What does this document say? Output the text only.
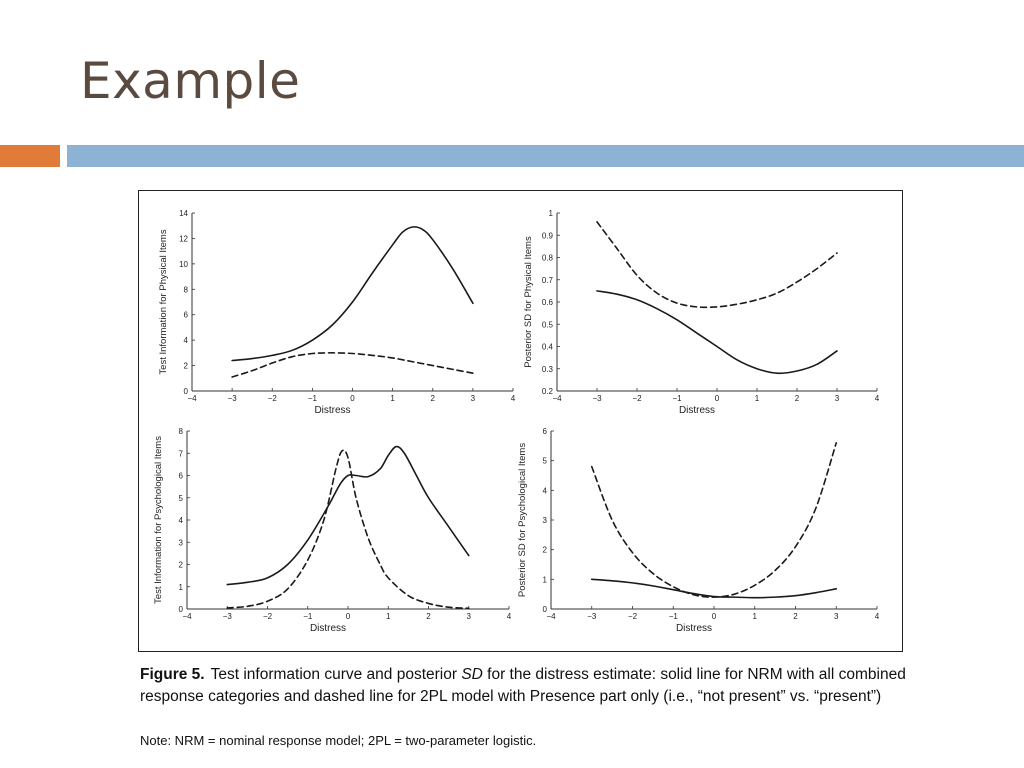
Example
−4	−3	−2	−1	0	1	2	3	4
0
2
4
6
8
10
12
14
Distress
Test Information for Physical Items
−4	−3	−2	−1	0	1	2	3	4
0.2
0.3
0.4
0.5
0.6
0.7
0.8
0.9
1
Distress
Posterior SD for Physical Items
−4	−3	−2	−1	0	1	2	3	4
0
1
2
3
4
5
6
7
8
Distress
Test Information for Psychological Items
−4	−3	−2	−1	0	1	2	3	4
0
1
2
3
4
5
6
Distress
Posterior SD for Psychological Items
Figure 5. Test information curve and posterior SD for the distress estimate: solid line for NRM with all combined response categories and dashed line for 2PL model with Presence part only (i.e., “not present” vs. “present”)
Note: NRM = nominal response model; 2PL = two-parameter logistic.
